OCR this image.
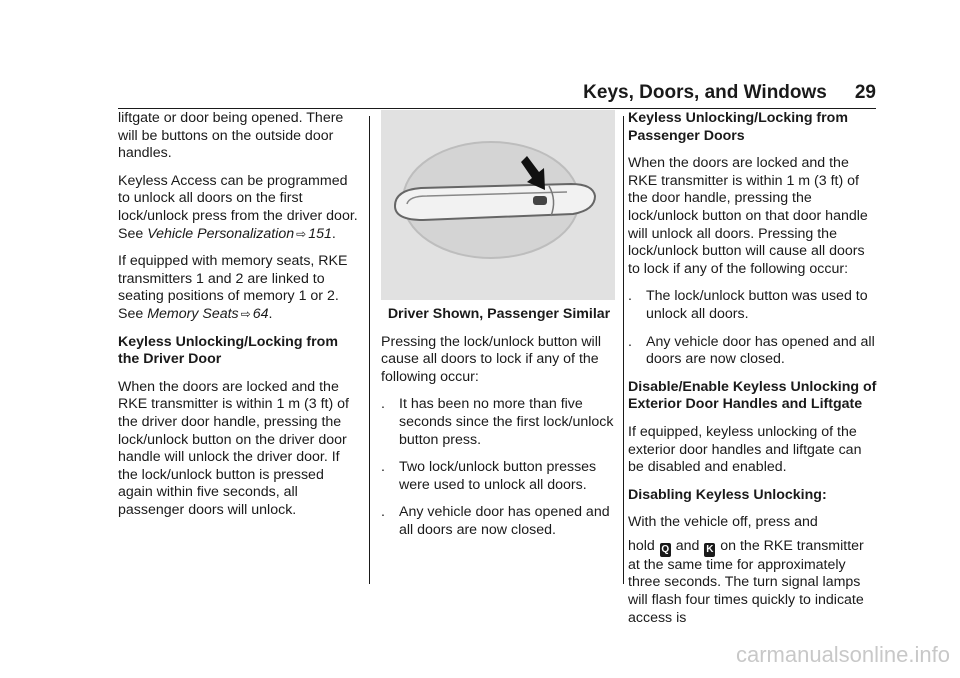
Keys, Doors, and Windows 29

liftgate or door being opened. There will be buttons on the outside door handles.

Keyless Access can be programmed to unlock all doors on the first lock/unlock press from the driver door. See Vehicle Personalization ⇨ 151.

If equipped with memory seats, RKE transmitters 1 and 2 are linked to seating positions of memory 1 or 2. See Memory Seats ⇨ 64.

Keyless Unlocking/Locking from the Driver Door

When the doors are locked and the RKE transmitter is within 1 m (3 ft) of the driver door handle, pressing the lock/unlock button on the driver door handle will unlock the driver door. If the lock/unlock button is pressed again within five seconds, all passenger doors will unlock.

Driver Shown, Passenger Similar

Pressing the lock/unlock button will cause all doors to lock if any of the following occur:

. It has been no more than five seconds since the first lock/unlock button press.
. Two lock/unlock button presses were used to unlock all doors.
. Any vehicle door has opened and all doors are now closed.

Keyless Unlocking/Locking from Passenger Doors

When the doors are locked and the RKE transmitter is within 1 m (3 ft) of the door handle, pressing the lock/unlock button on that door handle will unlock all doors. Pressing the lock/unlock button will cause all doors to lock if any of the following occur:

. The lock/unlock button was used to unlock all doors.
. Any vehicle door has opened and all doors are now closed.

Disable/Enable Keyless Unlocking of Exterior Door Handles and Liftgate

If equipped, keyless unlocking of the exterior door handles and liftgate can be disabled and enabled.

Disabling Keyless Unlocking:

With the vehicle off, press and

hold Q and K on the RKE transmitter at the same time for approximately three seconds. The turn signal lamps will flash four times quickly to indicate access is

carmanualsonline.info
